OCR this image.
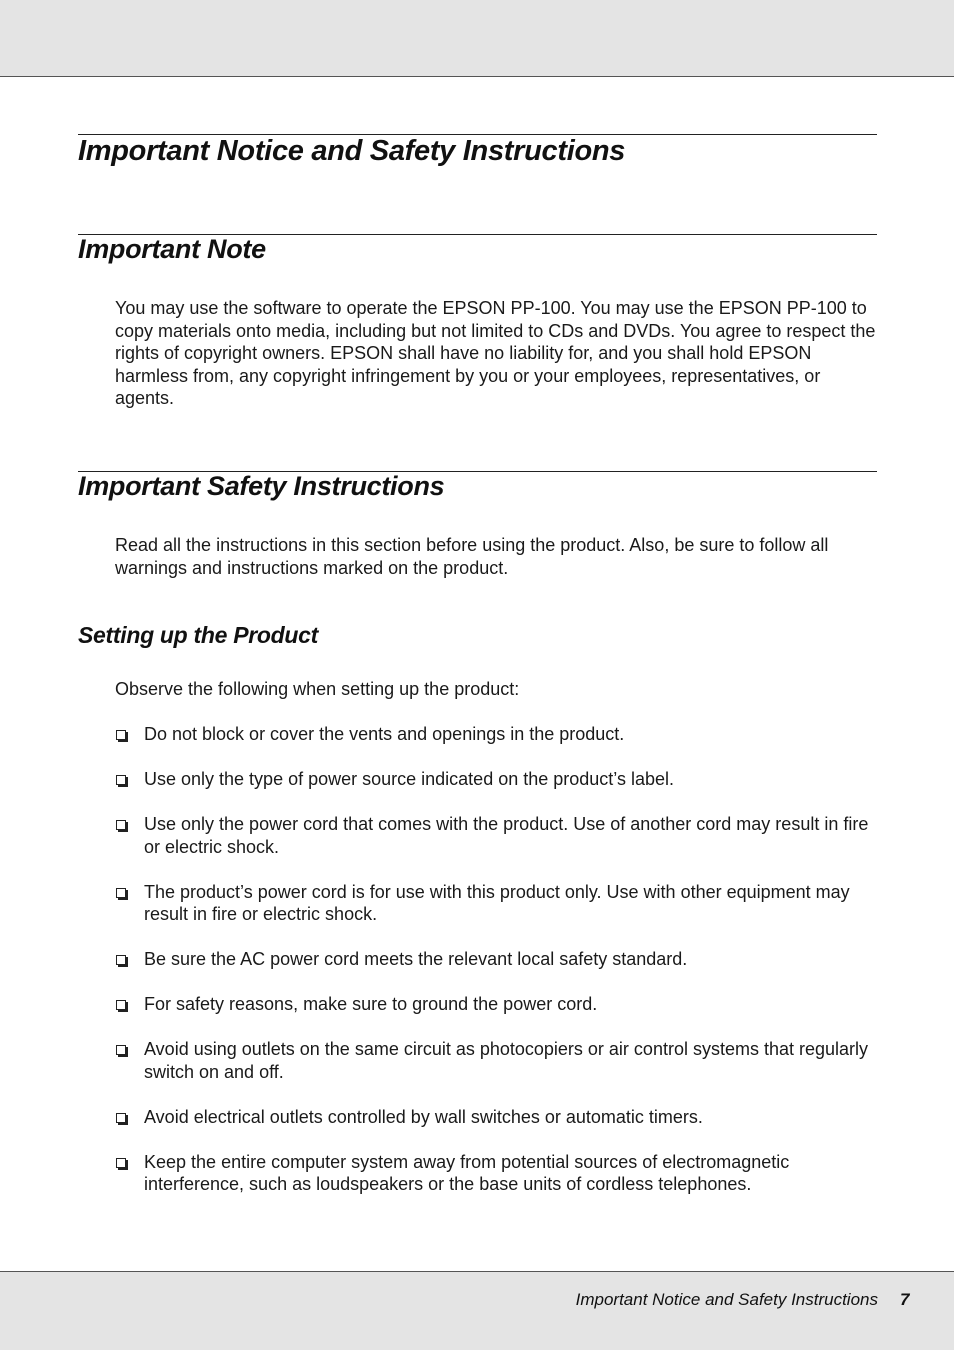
Important Notice and Safety Instructions
Important Note

You may use the software to operate the EPSON PP-100. You may use the EPSON PP-100 to copy materials onto media, including but not limited to CDs and DVDs. You agree to respect the rights of copyright owners. EPSON shall have no liability for, and you shall hold EPSON harmless from, any copyright infringement by you or your employees, representatives, or agents.

Important Safety Instructions

Read all the instructions in this section before using the product. Also, be sure to follow all warnings and instructions marked on the product.

Setting up the Product

Observe the following when setting up the product:

Do not block or cover the vents and openings in the product.
Use only the type of power source indicated on the product’s label.
Use only the power cord that comes with the product. Use of another cord may result in fire or electric shock.
The product’s power cord is for use with this product only. Use with other equipment may result in fire or electric shock.
Be sure the AC power cord meets the relevant local safety standard.
For safety reasons, make sure to ground the power cord.
Avoid using outlets on the same circuit as photocopiers or air control systems that regularly switch on and off.
Avoid electrical outlets controlled by wall switches or automatic timers.
Keep the entire computer system away from potential sources of electromagnetic interference, such as loudspeakers or the base units of cordless telephones.
Important Notice and Safety Instructions 7
